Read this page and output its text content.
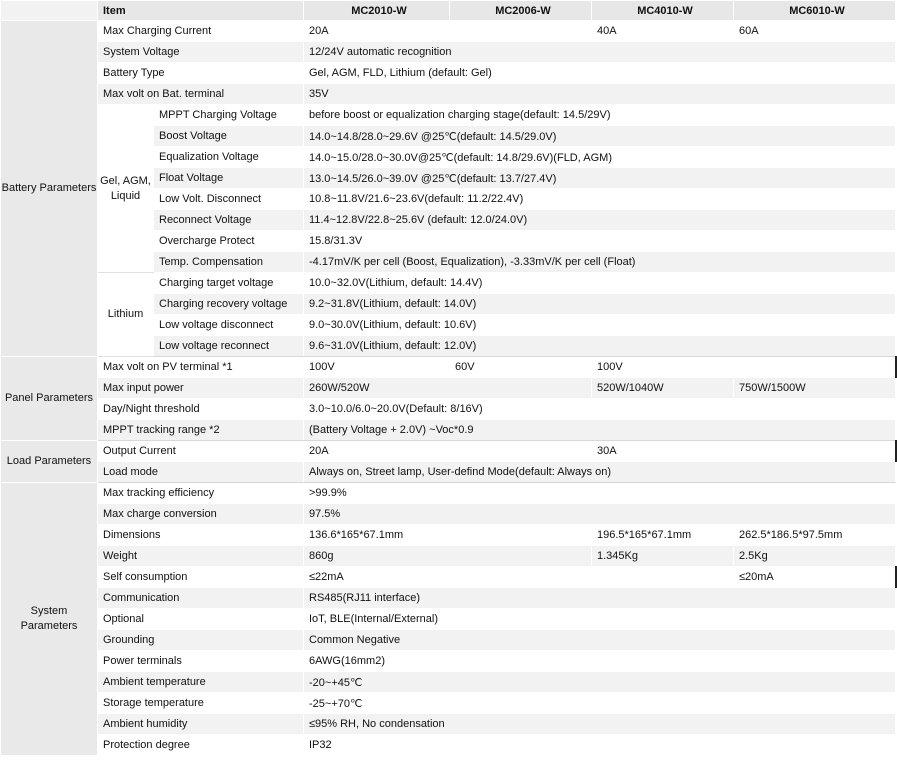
	Item		MC2010-W	MC2006-W	MC4010-W	MC6010-W
Battery Parameters	Max Charging Current		20A		40A	60A
	System Voltage		12/24V automatic recognition			
	Battery Type		Gel, AGM, FLD, Lithium (default: Gel)			
	Max volt on Bat. terminal		35V			
	Gel, AGM, Liquid	MPPT Charging Voltage	before boost or equalization charging stage(default: 14.5/29V)			
		Boost Voltage	14.0~14.8/28.0~29.6V @25℃(default: 14.5/29.0V)			
		Equalization Voltage	14.0~15.0/28.0~30.0V@25℃(default: 14.8/29.6V)(FLD, AGM)			
		Float Voltage	13.0~14.5/26.0~39.0V @25℃(default: 13.7/27.4V)			
		Low Volt. Disconnect	10.8~11.8V/21.6~23.6V(default: 11.2/22.4V)			
		Reconnect Voltage	11.4~12.8V/22.8~25.6V (default: 12.0/24.0V)			
		Overcharge Protect	15.8/31.3V			
		Temp. Compensation	-4.17mV/K per cell (Boost, Equalization), -3.33mV/K per cell (Float)			
	Lithium	Charging target voltage	10.0~32.0V(Lithium, default: 14.4V)			
		Charging recovery voltage	9.2~31.8V(Lithium, default: 14.0V)			
		Low voltage disconnect	9.0~30.0V(Lithium, default: 10.6V)			
		Low voltage reconnect	9.6~31.0V(Lithium, default: 12.0V)			
Panel Parameters	Max volt on PV terminal *1		100V	60V	100V	
	Max input power		260W/520W		520W/1040W	750W/1500W
	Day/Night threshold		3.0~10.0/6.0~20.0V(Default: 8/16V)			
	MPPT tracking range *2		(Battery Voltage + 2.0V) ~Voc*0.9			
Load Parameters	Output Current		20A		30A	
	Load mode		Always on, Street lamp, User-defind Mode(default: Always on)			
System Parameters	Max tracking efficiency		>99.9%			
	Max charge conversion		97.5%			
	Dimensions		136.6*165*67.1mm		196.5*165*67.1mm	262.5*186.5*97.5mm
	Weight		860g		1.345Kg	2.5Kg
	Self consumption		≤22mA			≤20mA
	Communication		RS485(RJ11 interface)			
	Optional		IoT, BLE(Internal/External)			
	Grounding		Common Negative			
	Power terminals		6AWG(16mm2)			
	Ambient temperature		-20~+45℃			
	Storage temperature		-25~+70℃			
	Ambient humidity		≤95% RH, No condensation			
	Protection degree		IP32			
